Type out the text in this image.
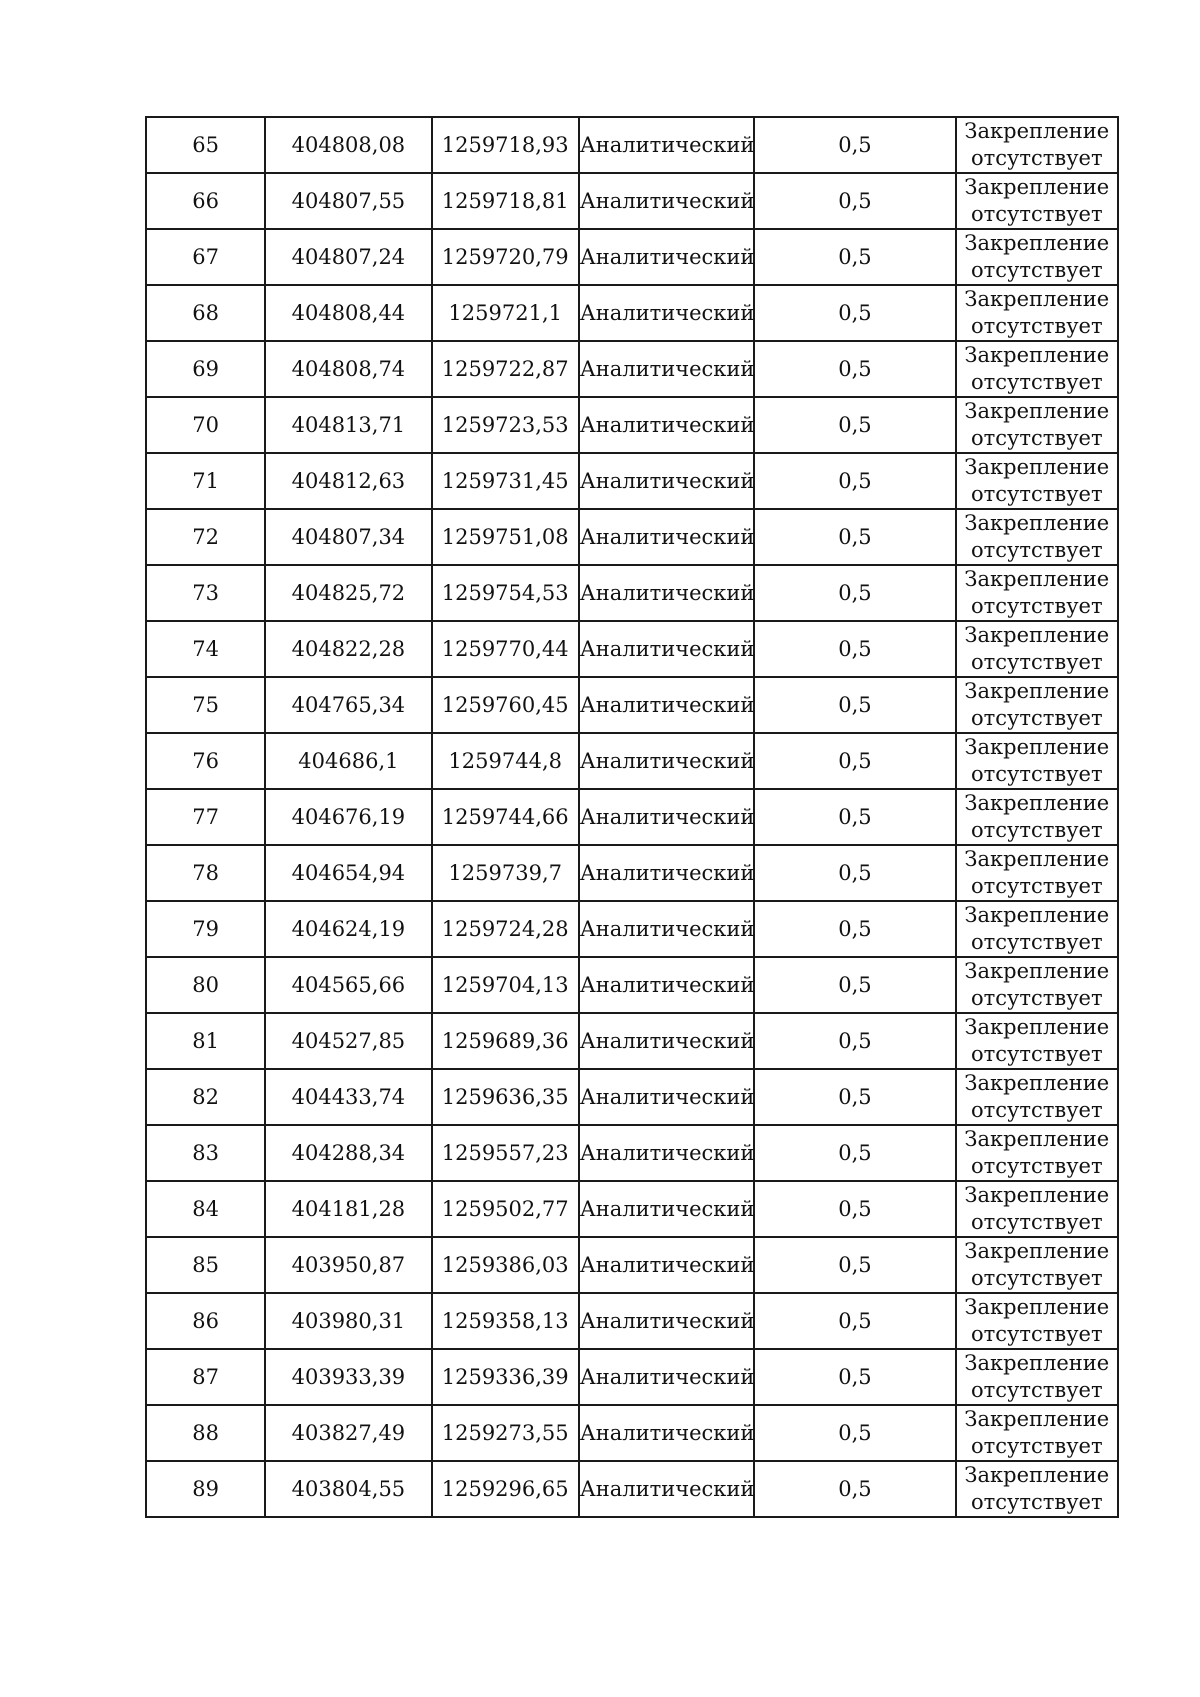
65	404808,08	1259718,93	Аналитический	0,5	Закрепление
отсутствует

66	404807,55	1259718,81	Аналитический	0,5	Закрепление
отсутствует

67	404807,24	1259720,79	Аналитический	0,5	Закрепление
отсутствует

68	404808,44	1259721,1	Аналитический	0,5	Закрепление
отсутствует

69	404808,74	1259722,87	Аналитический	0,5	Закрепление
отсутствует

70	404813,71	1259723,53	Аналитический	0,5	Закрепление
отсутствует

71	404812,63	1259731,45	Аналитический	0,5	Закрепление
отсутствует

72	404807,34	1259751,08	Аналитический	0,5	Закрепление
отсутствует

73	404825,72	1259754,53	Аналитический	0,5	Закрепление
отсутствует

74	404822,28	1259770,44	Аналитический	0,5	Закрепление
отсутствует

75	404765,34	1259760,45	Аналитический	0,5	Закрепление
отсутствует

76	404686,1	1259744,8	Аналитический	0,5	Закрепление
отсутствует

77	404676,19	1259744,66	Аналитический	0,5	Закрепление
отсутствует

78	404654,94	1259739,7	Аналитический	0,5	Закрепление
отсутствует

79	404624,19	1259724,28	Аналитический	0,5	Закрепление
отсутствует

80	404565,66	1259704,13	Аналитический	0,5	Закрепление
отсутствует

81	404527,85	1259689,36	Аналитический	0,5	Закрепление
отсутствует

82	404433,74	1259636,35	Аналитический	0,5	Закрепление
отсутствует

83	404288,34	1259557,23	Аналитический	0,5	Закрепление
отсутствует

84	404181,28	1259502,77	Аналитический	0,5	Закрепление
отсутствует

85	403950,87	1259386,03	Аналитический	0,5	Закрепление
отсутствует

86	403980,31	1259358,13	Аналитический	0,5	Закрепление
отсутствует

87	403933,39	1259336,39	Аналитический	0,5	Закрепление
отсутствует

88	403827,49	1259273,55	Аналитический	0,5	Закрепление
отсутствует

89	403804,55	1259296,65	Аналитический	0,5	Закрепление
отсутствует
